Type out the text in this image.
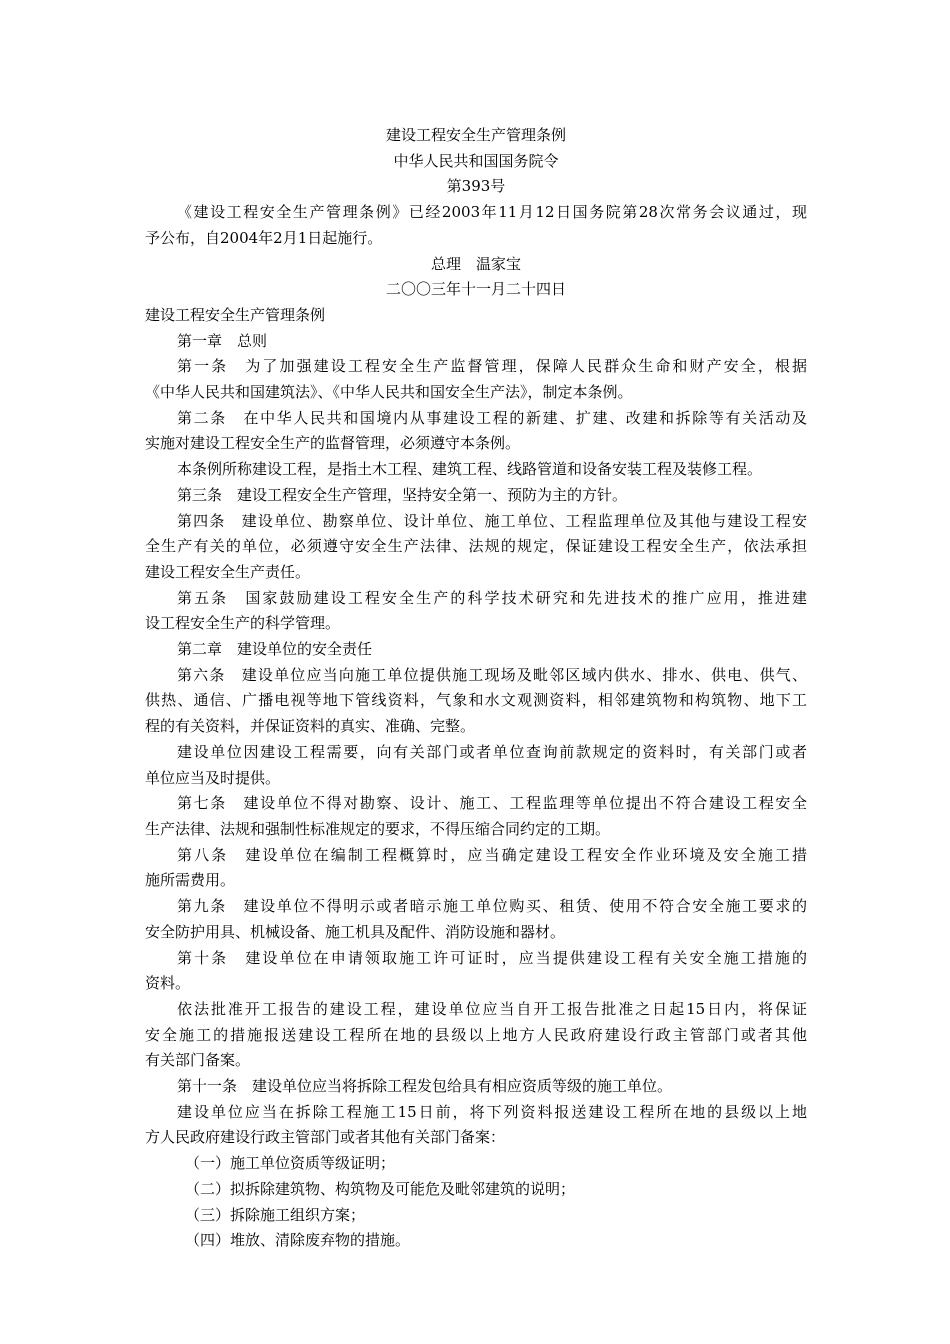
建设工程安全生产管理条例
中华人民共和国国务院令
第393号
《建设工程安全生产管理条例》已经2003年11月12日国务院第28次常务会议通过，现
予公布，自2004年2月1日起施行。
总理　温家宝
二〇〇三年十一月二十四日
建设工程安全生产管理条例
第一章　总则
第一条　为了加强建设工程安全生产监督管理，保障人民群众生命和财产安全，根据
《中华人民共和国建筑法》、《中华人民共和国安全生产法》，制定本条例。
第二条　在中华人民共和国境内从事建设工程的新建、扩建、改建和拆除等有关活动及
实施对建设工程安全生产的监督管理，必须遵守本条例。
本条例所称建设工程，是指土木工程、建筑工程、线路管道和设备安装工程及装修工程。
第三条　建设工程安全生产管理，坚持安全第一、预防为主的方针。
第四条　建设单位、勘察单位、设计单位、施工单位、工程监理单位及其他与建设工程安
全生产有关的单位，必须遵守安全生产法律、法规的规定，保证建设工程安全生产，依法承担
建设工程安全生产责任。
第五条　国家鼓励建设工程安全生产的科学技术研究和先进技术的推广应用，推进建
设工程安全生产的科学管理。
第二章　建设单位的安全责任
第六条　建设单位应当向施工单位提供施工现场及毗邻区域内供水、排水、供电、供气、
供热、通信、广播电视等地下管线资料，气象和水文观测资料，相邻建筑物和构筑物、地下工
程的有关资料，并保证资料的真实、准确、完整。
建设单位因建设工程需要，向有关部门或者单位查询前款规定的资料时，有关部门或者
单位应当及时提供。
第七条　建设单位不得对勘察、设计、施工、工程监理等单位提出不符合建设工程安全
生产法律、法规和强制性标准规定的要求，不得压缩合同约定的工期。
第八条　建设单位在编制工程概算时，应当确定建设工程安全作业环境及安全施工措
施所需费用。
第九条　建设单位不得明示或者暗示施工单位购买、租赁、使用不符合安全施工要求的
安全防护用具、机械设备、施工机具及配件、消防设施和器材。
第十条　建设单位在申请领取施工许可证时，应当提供建设工程有关安全施工措施的
资料。
依法批准开工报告的建设工程，建设单位应当自开工报告批准之日起15日内，将保证
安全施工的措施报送建设工程所在地的县级以上地方人民政府建设行政主管部门或者其他
有关部门备案。
第十一条　建设单位应当将拆除工程发包给具有相应资质等级的施工单位。
建设单位应当在拆除工程施工15日前，将下列资料报送建设工程所在地的县级以上地
方人民政府建设行政主管部门或者其他有关部门备案：
（一）施工单位资质等级证明；
（二）拟拆除建筑物、构筑物及可能危及毗邻建筑的说明；
（三）拆除施工组织方案；
（四）堆放、清除废弃物的措施。
